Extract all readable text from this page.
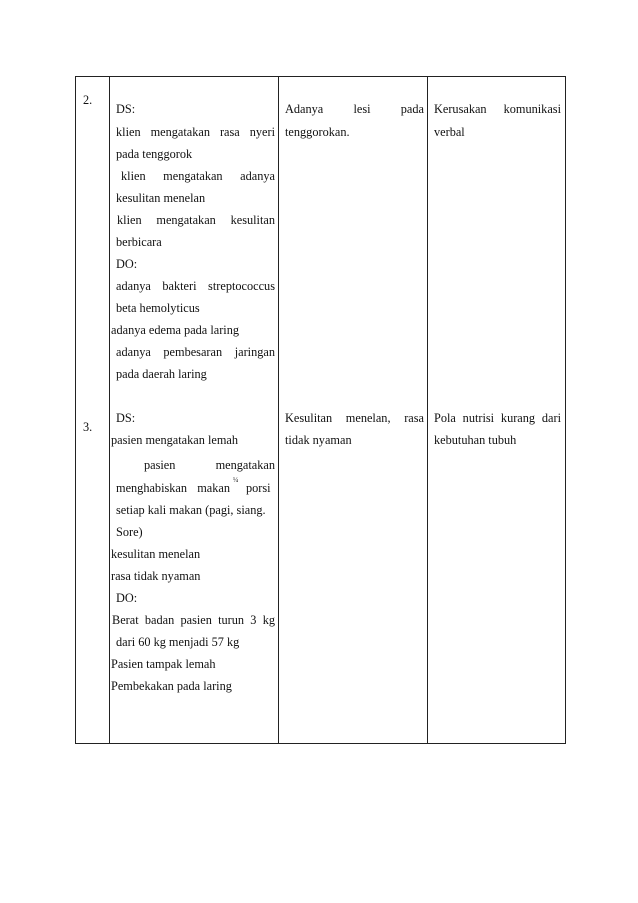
2.
DS:
klien mengatakan rasa nyeri
pada tenggorok
klien mengatakan adanya
kesulitan menelan
klien mengatakan kesulitan
berbicara
DO:
adanya bakteri streptococcus
beta hemolyticus
adanya edema pada laring
adanya pembesaran jaringan
pada daerah laring
Adanya lesi pada
tenggorokan.
Kerusakan komunikasi
verbal
3.
DS:
pasien mengatakan lemah
pasien mengatakan
menghabiskan makan
¼
porsi
setiap kali makan (pagi, siang.
Sore)
kesulitan menelan
rasa tidak nyaman
DO:
Berat badan pasien turun 3 kg
dari 60 kg menjadi 57 kg
Pasien tampak lemah
Pembekakan pada laring
Kesulitan menelan, rasa
tidak nyaman
Pola nutrisi kurang dari
kebutuhan tubuh
